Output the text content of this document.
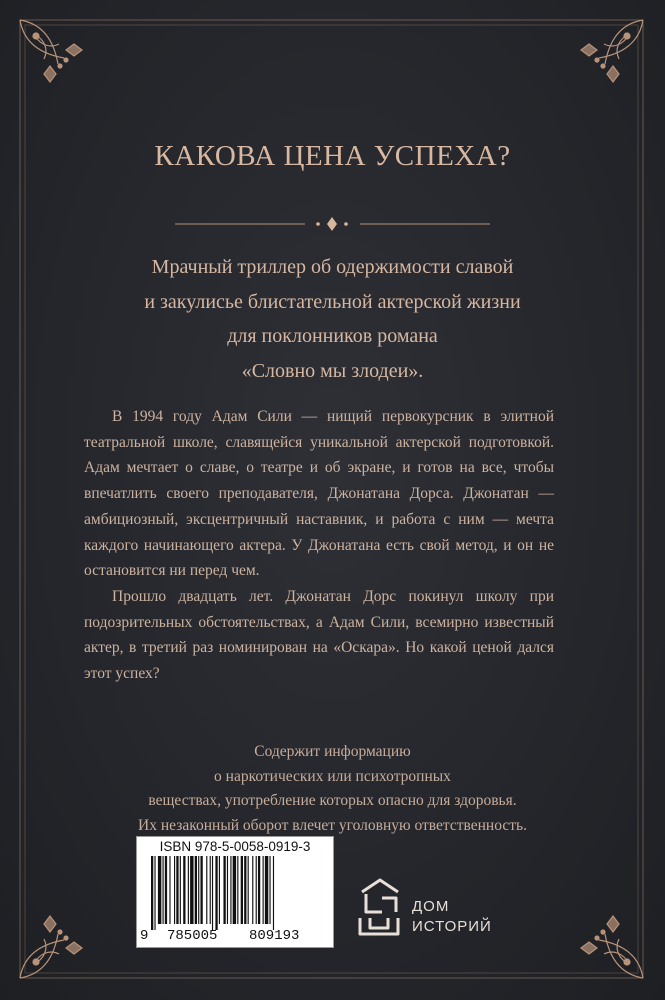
КАКОВА ЦЕНА УСПЕХА?
Мрачный триллер об одержимости славой
и закулисье блистательной актерской жизни
для поклонников романа
«Словно мы злодеи».

В 1994 году Адам Сили — нищий первокурсник в элитной театральной школе, славящейся уникальной актерской подготовкой. Адам мечтает о славе, о театре и об экране, и готов на все, чтобы впечатлить своего преподавателя, Джонатана Дорса. Джонатан — амбициозный, эксцентричный наставник, и работа с ним — мечта каждого начинающего актера. У Джонатана есть свой метод, и он не остановится ни перед чем.

Прошло двадцать лет. Джонатан Дорс покинул школу при подозрительных обстоятельствах, а Адам Сили, всемирно известный актер, в третий раз номинирован на «Оскара». Но какой ценой дался этот успех?

Содержит информацию
о наркотических или психотропных
веществах, употребление которых опасно для здоровья.
Их незаконный оборот влечет уголовную ответственность.
ISBN 978-5-0058-0919-3
9 785005 809193
ДОМ
ИСТОРИЙ
